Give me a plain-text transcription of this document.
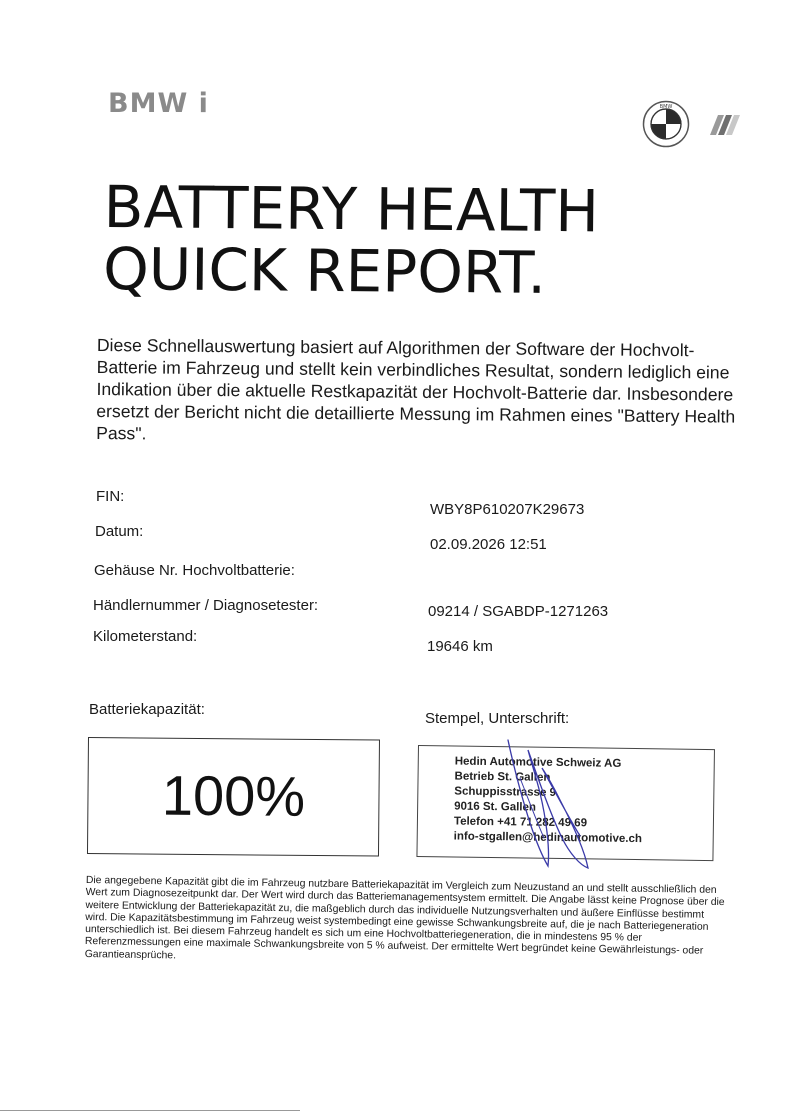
BMW i	BMW
BATTERY HEALTH
QUICK REPORT.
Diese Schnellauswertung basiert auf Algorithmen der Software der Hochvolt-Batterie im Fahrzeug und stellt kein verbindliches Resultat, sondern lediglich eine Indikation über die aktuelle Restkapazität der Hochvolt-Batterie dar. Insbesondere ersetzt der Bericht nicht die detaillierte Messung im Rahmen eines "Battery Health Pass".
FIN:
WBY8P610207K29673
Datum:
02.09.2026 12:51
Gehäuse Nr. Hochvoltbatterie:
Händlernummer / Diagnosetester:	09214 / SGABDP-1271263
Kilometerstand:
19646 km
Batteriekapazität:
Stempel, Unterschrift:
100%
Hedin Automotive Schweiz AG
Betrieb St. Gallen
Schuppisstrasse 9
9016 St. Gallen
Telefon +41 71 282 49 69
info-stgallen@hedinautomotive.ch
Die angegebene Kapazität gibt die im Fahrzeug nutzbare Batteriekapazität im Vergleich zum Neuzustand an und stellt ausschließlich den Wert zum Diagnosezeitpunkt dar. Der Wert wird durch das Batteriemanagementsystem ermittelt. Die Angabe lässt keine Prognose über die weitere Entwicklung der Batteriekapazität zu, die maßgeblich durch das individuelle Nutzungsverhalten und äußere Einflüsse bestimmt wird. Die Kapazitätsbestimmung im Fahrzeug weist systembedingt eine gewisse Schwankungsbreite auf, die je nach Batteriegeneration unterschiedlich ist. Bei diesem Fahrzeug handelt es sich um eine Hochvoltbatteriegeneration, die in mindestens 95 % der Referenzmessungen eine maximale Schwankungsbreite von 5 % aufweist. Der ermittelte Wert begründet keine Gewährleistungs- oder Garantieansprüche.
